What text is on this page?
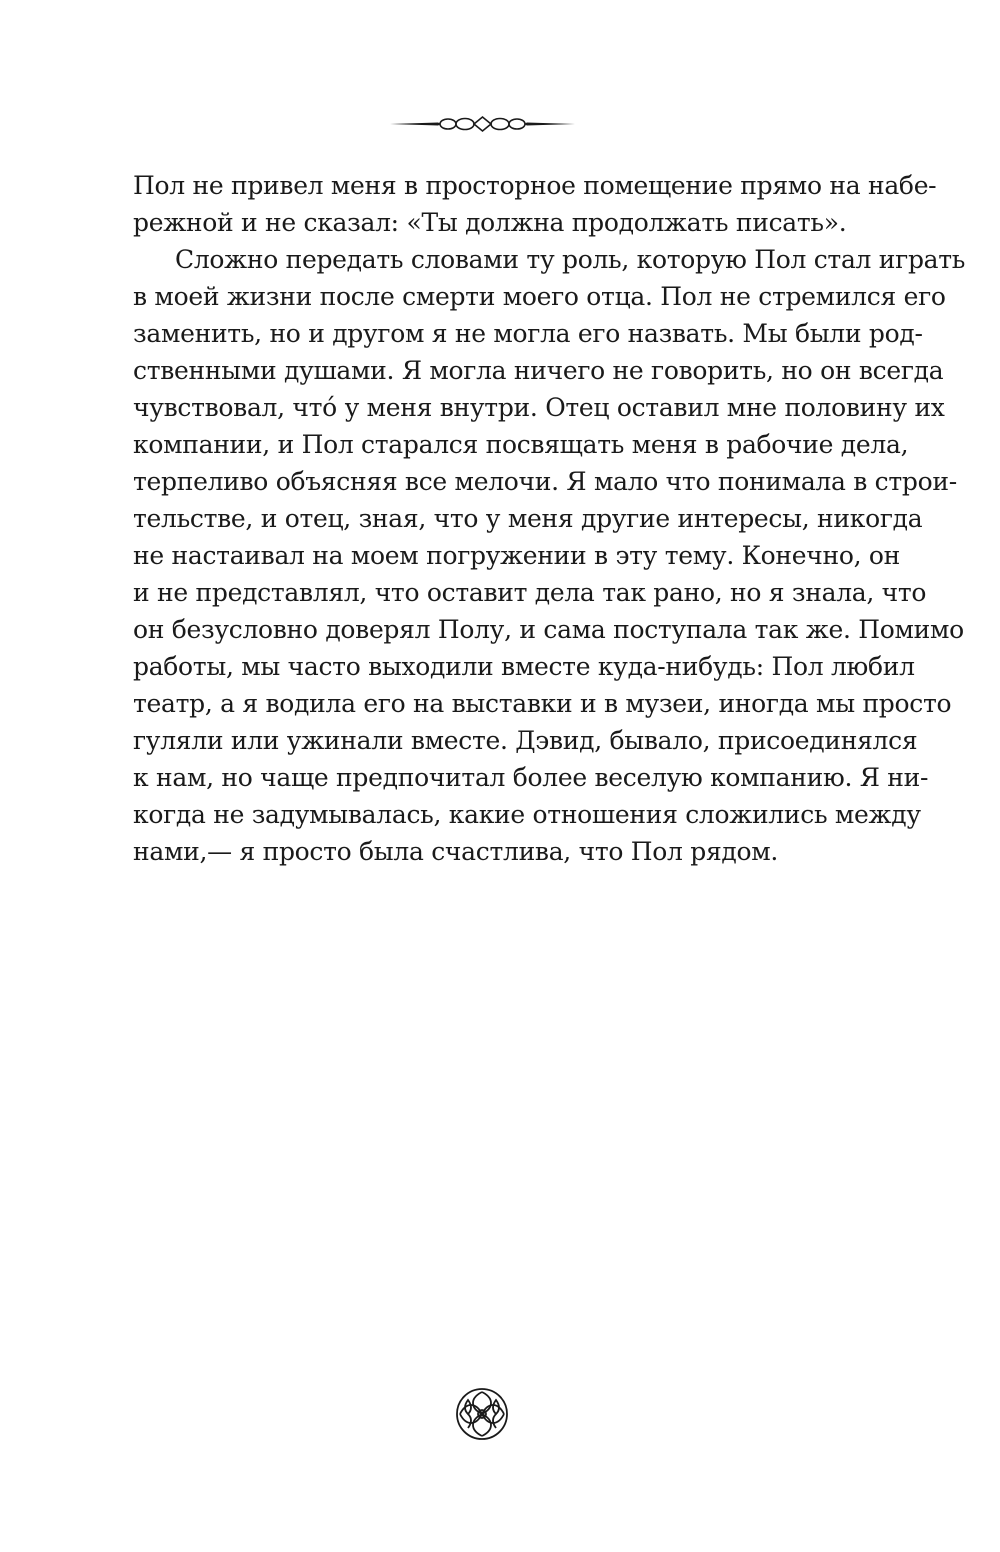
Пол не привел меня в просторное помещение прямо на набе-
режной и не сказал: «Ты должна продолжать писать».
Сложно передать словами ту роль, которую Пол стал играть
в моей жизни после смерти моего отца. Пол не стремился его
заменить, но и другом я не могла его назвать. Мы были род-
ственными душами. Я могла ничего не говорить, но он всегда
чувствовал, что́ у меня внутри. Отец оставил мне половину их
компании, и Пол старался посвящать меня в рабочие дела,
терпеливо объясняя все мелочи. Я мало что понимала в строи-
тельстве, и отец, зная, что у меня другие интересы, никогда
не настаивал на моем погружении в эту тему. Конечно, он
и не представлял, что оставит дела так рано, но я знала, что
он безусловно доверял Полу, и сама поступала так же. Помимо
работы, мы часто выходили вместе куда-нибудь: Пол любил
театр, а я водила его на выставки и в музеи, иногда мы просто
гуляли или ужинали вместе. Дэвид, бывало, присоединялся
к нам, но чаще предпочитал более веселую компанию. Я ни-
когда не задумывалась, какие отношения сложились между
нами,— я просто была счастлива, что Пол рядом.
